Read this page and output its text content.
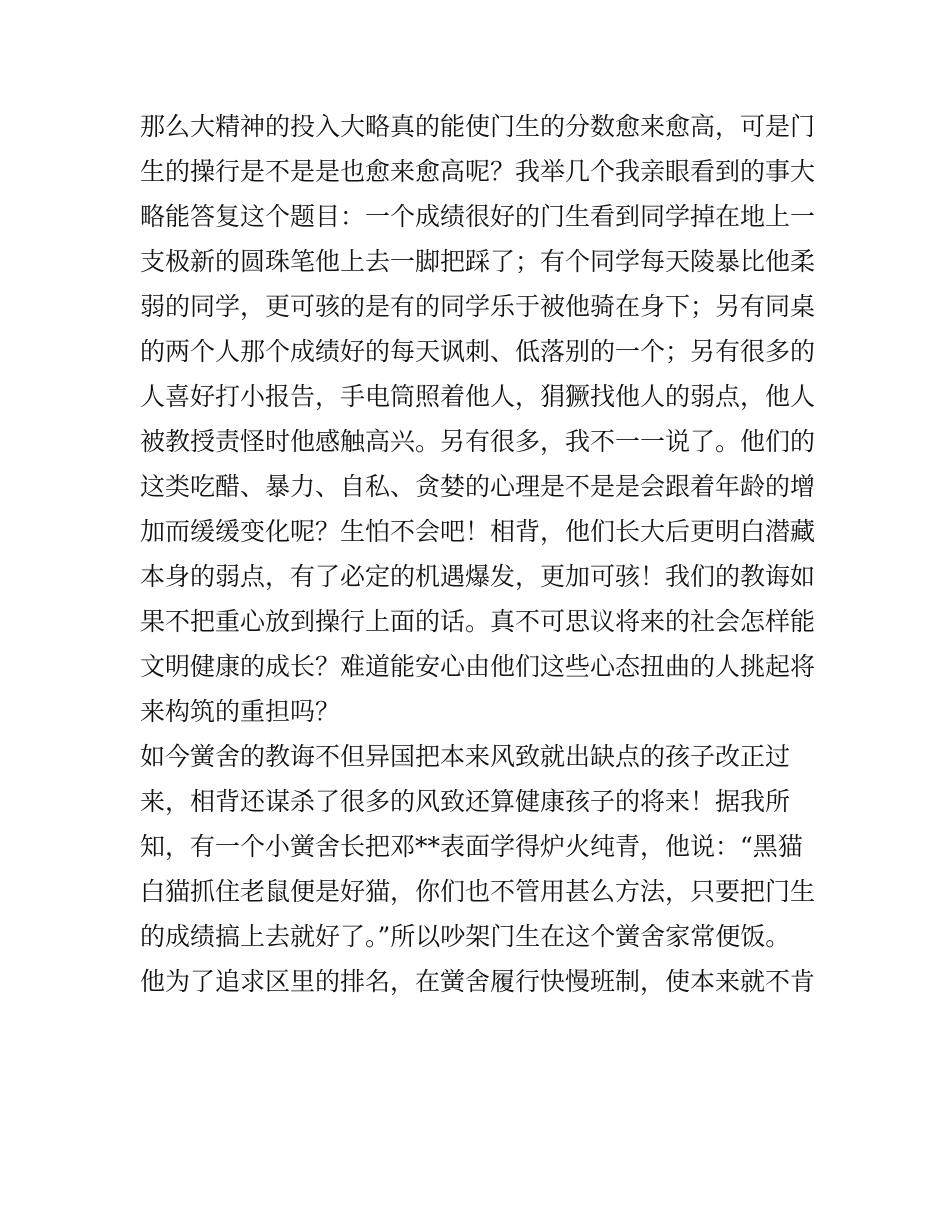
那么大精神的投入大略真的能使门生的分数愈来愈高，可是门
生的操行是不是是也愈来愈高呢？我举几个我亲眼看到的事大
略能答复这个题目：一个成绩很好的门生看到同学掉在地上一
支极新的圆珠笔他上去一脚把踩了；有个同学每天陵暴比他柔
弱的同学，更可骇的是有的同学乐于被他骑在身下；另有同桌
的两个人那个成绩好的每天讽刺、低落别的一个；另有很多的
人喜好打小报告，手电筒照着他人，狷獗找他人的弱点，他人
被教授责怪时他感触高兴。另有很多，我不一一说了。他们的
这类吃醋、暴力、自私、贪婪的心理是不是是会跟着年龄的增
加而缓缓变化呢？生怕不会吧！相背，他们长大后更明白潜藏
本身的弱点，有了必定的机遇爆发，更加可骇！我们的教诲如
果不把重心放到操行上面的话。真不可思议将来的社会怎样能
文明健康的成长？难道能安心由他们这些心态扭曲的人挑起将
来构筑的重担吗？
如今黉舍的教诲不但异国把本来风致就出缺点的孩子改正过
来，相背还谋杀了很多的风致还算健康孩子的将来！据我所
知，有一个小黉舍长把邓**表面学得炉火纯青，他说：“黑猫
白猫抓住老鼠便是好猫，你们也不管用甚么方法，只要把门生
的成绩搞上去就好了。”所以吵架门生在这个黉舍家常便饭。
他为了追求区里的排名，在黉舍履行快慢班制，使本来就不肯
